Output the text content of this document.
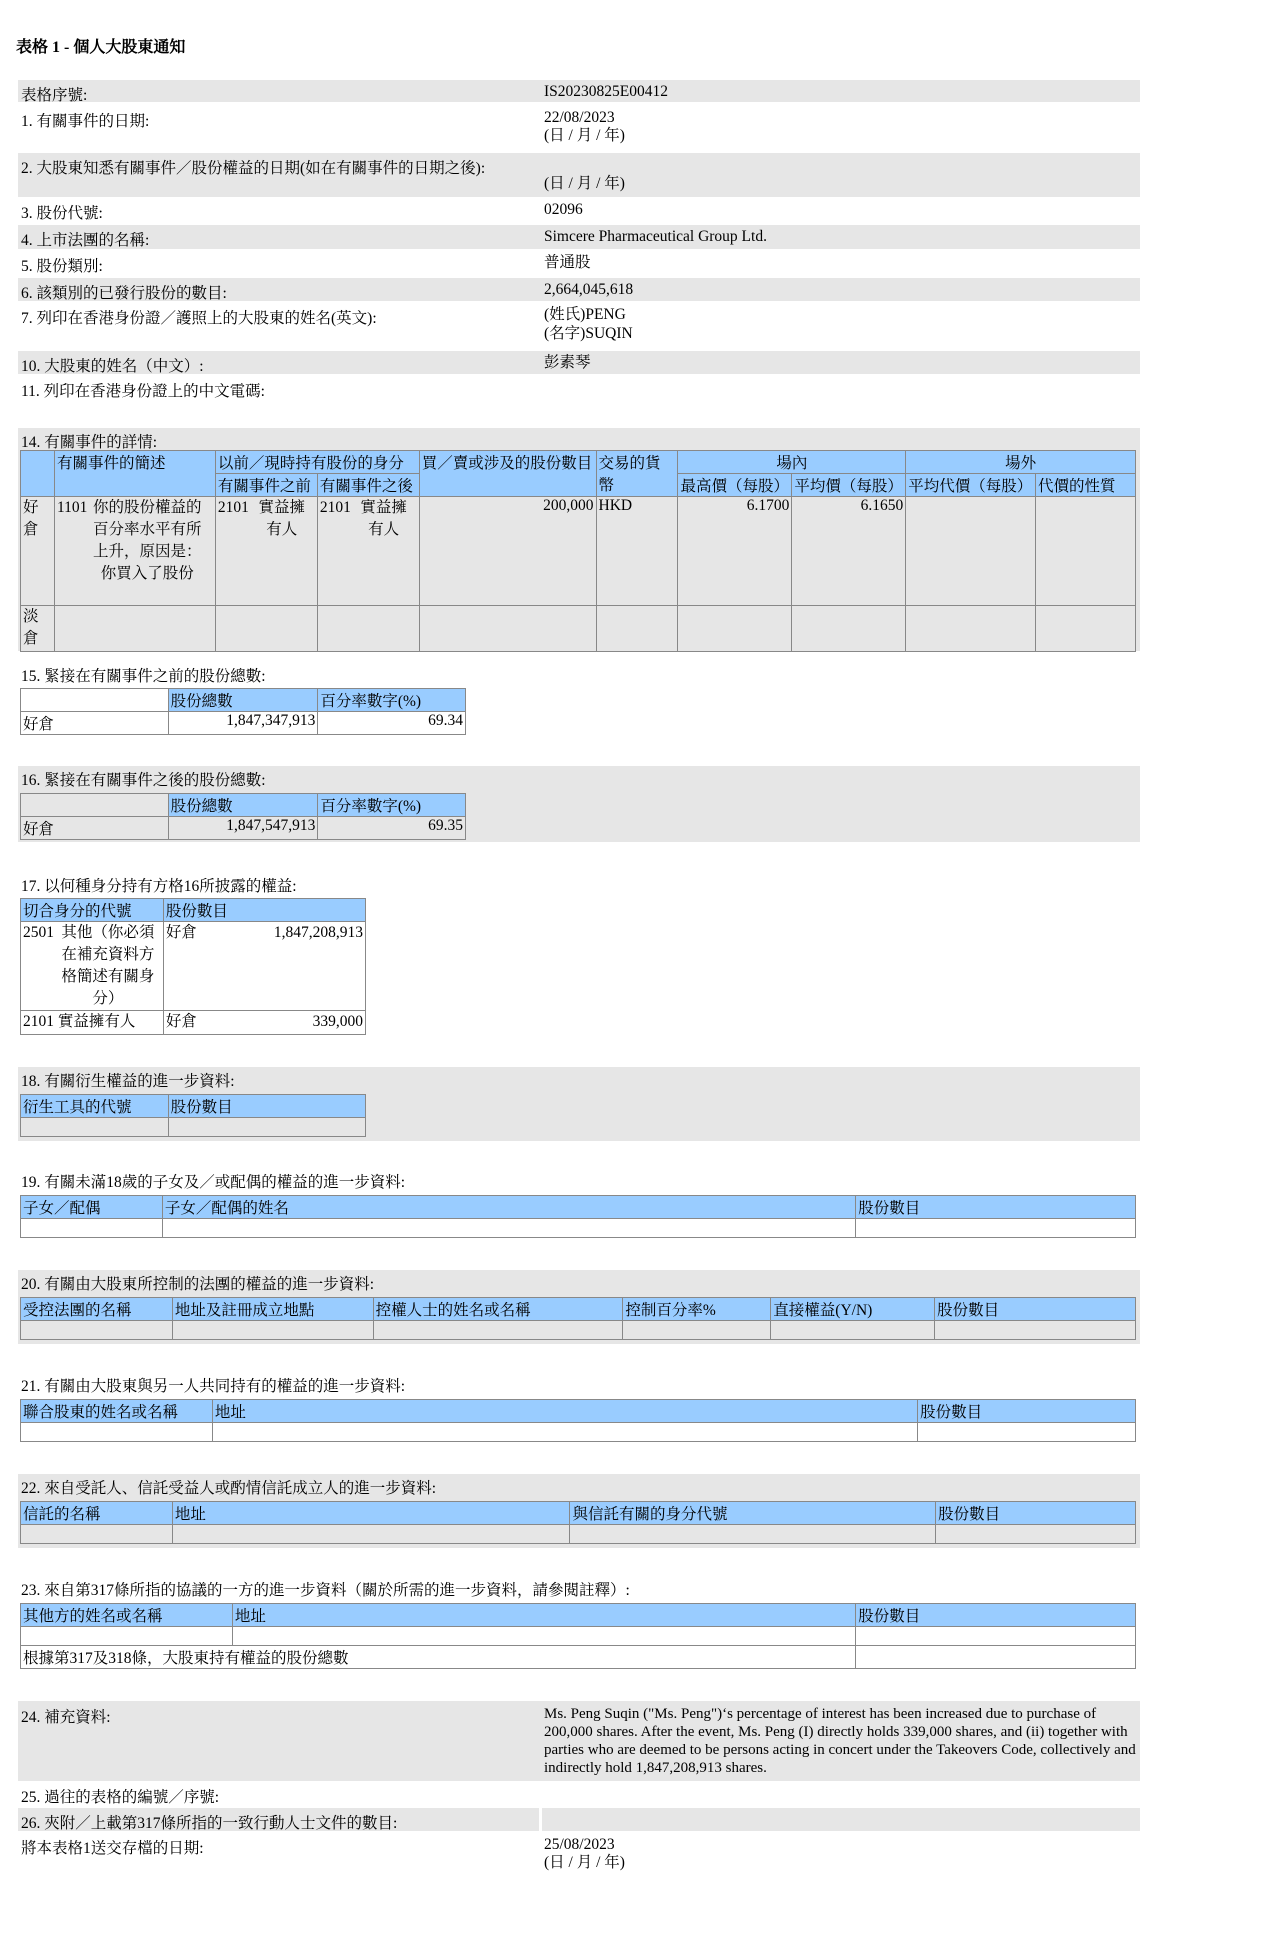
表格 1 - 個人大股東通知
表格序號:	IS20230825E00412
1. 有關事件的日期:	22/08/2023
(日 / 月 / 年)
2. 大股東知悉有關事件／股份權益的日期(如在有關事件的日期之後):
(日 / 月 / 年)
3. 股份代號:	02096
4. 上市法團的名稱:	Simcere Pharmaceutical Group Ltd.
5. 股份類別:	普通股
6. 該類別的已發行股份的數目:	2,664,045,618
7. 列印在香港身份證／護照上的大股東的姓名(英文):	(姓氏)PENG
(名字)SUQIN
10. 大股東的姓名（中文）:	彭素琴
11. 列印在香港身份證上的中文電碼:
14. 有關事件的詳情:
	有關事件的簡述	以前／現時持有股份的身分		買／賣或涉及的股份數目	交易的貨幣	場內		場外	
		有關事件之前	有關事件之後			最高價（每股）	平均價（每股）	平均代價（每股）	代價的性質
好倉	1101 你的股份權益的百分率水平有所上升，原因是：你買入了股份	2101 實益擁有人	2101 實益擁有人	200,000	HKD	6.1700	6.1650		
淡倉									
15. 緊接在有關事件之前的股份總數:
	股份總數	百分率數字(%)
好倉	1,847,347,913	69.34
16. 緊接在有關事件之後的股份總數:
	股份總數	百分率數字(%)
好倉	1,847,547,913	69.35
17. 以何種身分持有方格16所披露的權益:
切合身分的代號	股份數目
2501 其他（你必須在補充資料方格簡述有關身分）	好倉 1,847,208,913

2101 實益擁有人	好倉 339,000
18. 有關衍生權益的進一步資料:
衍生工具的代號	股份數目

19. 有關未滿18歲的子女及／或配偶的權益的進一步資料:
子女／配偶	子女／配偶的姓名	股份數目

20. 有關由大股東所控制的法團的權益的進一步資料:
受控法團的名稱	地址及註冊成立地點	控權人士的姓名或名稱	控制百分率%	直接權益(Y/N)	股份數目

21. 有關由大股東與另一人共同持有的權益的進一步資料:
聯合股東的姓名或名稱	地址	股份數目

22. 來自受託人、信託受益人或酌情信託成立人的進一步資料:
信託的名稱	地址	與信託有關的身分代號	股份數目

23. 來自第317條所指的協議的一方的進一步資料（關於所需的進一步資料，請參閱註釋）:
其他方的姓名或名稱	地址	股份數目

根據第317及318條，大股東持有權益的股份總數		
24. 補充資料:	Ms. Peng Suqin ("Ms. Peng")‘s percentage of interest has been increased due to purchase of 200,000 shares. After the event, Ms. Peng (I) directly holds 339,000 shares, and (ii) together with parties who are deemed to be persons acting in concert under the Takeovers Code, collectively and indirectly hold 1,847,208,913 shares.
25. 過往的表格的編號／序號:
26. 夾附／上載第317條所指的一致行動人士文件的數目:
將本表格1送交存檔的日期:	25/08/2023
(日 / 月 / 年)
